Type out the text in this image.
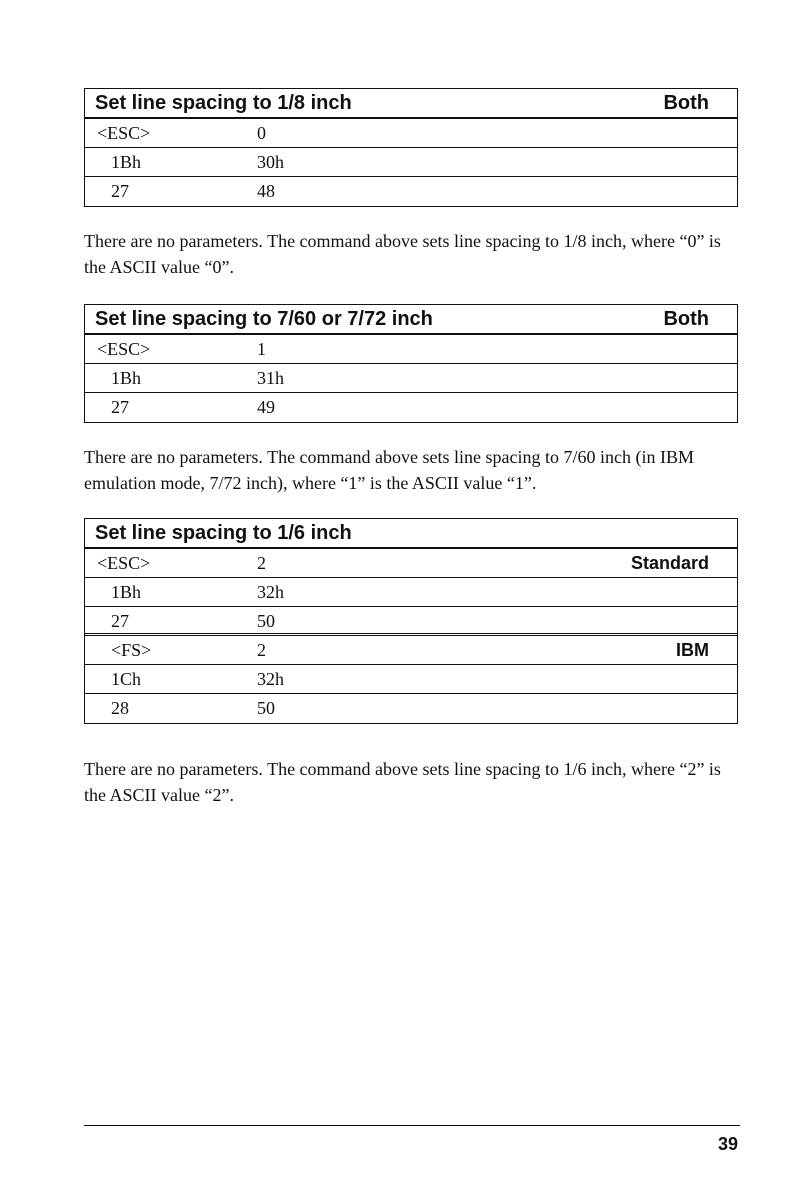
Set line spacing to 1/8 inch	Both
<ESC>	0
1Bh	30h
27	48
There are no parameters. The command above sets line spacing to 1/8 inch, where “0” is the ASCII value “0”.
Set line spacing to 7/60 or 7/72 inch	Both
<ESC>	1
1Bh	31h
27	49
There are no parameters. The command above sets line spacing to 7/60 inch (in IBM emulation mode, 7/72 inch), where “1” is the ASCII value “1”.
Set line spacing to 1/6 inch
<ESC>	2	Standard
1Bh	32h
27	50
<FS>	2	IBM
1Ch	32h
28	50
There are no parameters. The command above sets line spacing to 1/6 inch, where “2” is the ASCII value “2”.
39
